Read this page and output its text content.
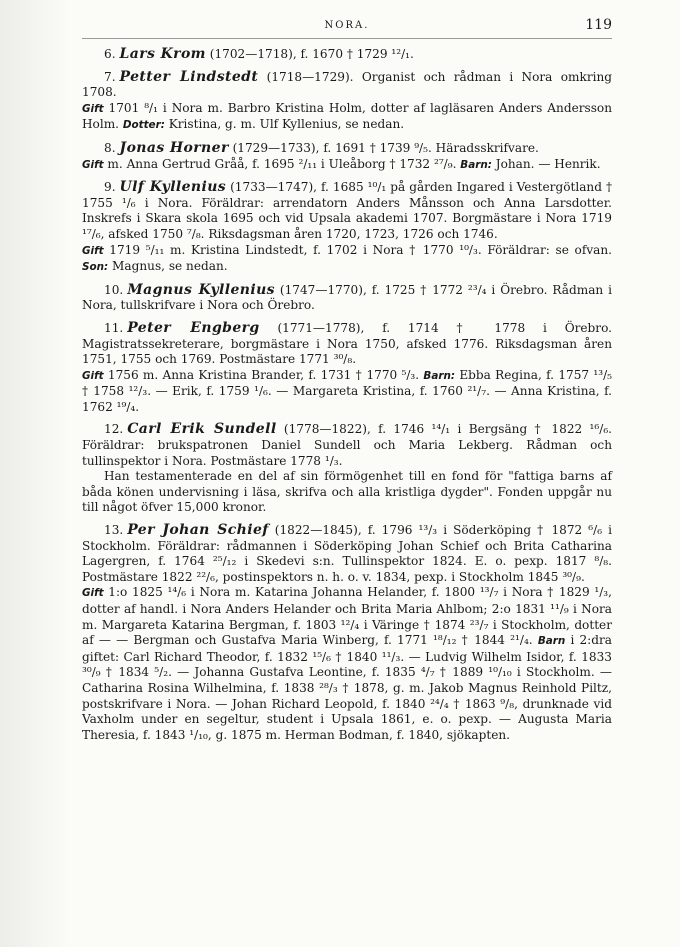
NORA.	119

6. Lars Krom (1702—1718), f. 1670 † 1729 ¹²/₁.

7. Petter Lindstedt (1718—1729). Organist och rådman i Nora omkring 1708.

Gift 1701 ⁸/₁ i Nora m. Barbro Kristina Holm, dotter af lagläsaren Anders Andersson Holm. Dotter: Kristina, g. m. Ulf Kyllenius, se nedan.

8. Jonas Horner (1729—1733), f. 1691 † 1739 ⁹/₅. Häradsskrifvare.

Gift m. Anna Gertrud Gråå, f. 1695 ²/₁₁ i Uleåborg † 1732 ²⁷/₉. Barn: Johan. — Henrik.

9. Ulf Kyllenius (1733—1747), f. 1685 ¹⁰/₁ på gården Ingared i Vestergötland † 1755 ¹/₆ i Nora. Föräldrar: arrendatorn Anders Månsson och Anna Larsdotter. Inskrefs i Skara skola 1695 och vid Upsala akademi 1707. Borgmästare i Nora 1719 ¹⁷/₆, afsked 1750 ⁷/₈. Riksdagsman åren 1720, 1723, 1726 och 1746.

Gift 1719 ⁵/₁₁ m. Kristina Lindstedt, f. 1702 i Nora † 1770 ¹⁰/₃. Föräldrar: se ofvan. Son: Magnus, se nedan.

10. Magnus Kyllenius (1747—1770), f. 1725 † 1772 ²³/₄ i Örebro. Rådman i Nora, tullskrifvare i Nora och Örebro.

11. Peter Engberg (1771—1778), f. 1714 † 1778 i Örebro. Magistratssekreterare, borgmästare i Nora 1750, afsked 1776. Riksdagsman åren 1751, 1755 och 1769. Postmästare 1771 ³⁰/₈.

Gift 1756 m. Anna Kristina Brander, f. 1731 † 1770 ⁵/₃. Barn: Ebba Regina, f. 1757 ¹³/₅ † 1758 ¹²/₃. — Erik, f. 1759 ¹/₆. — Margareta Kristina, f. 1760 ²¹/₇. — Anna Kristina, f. 1762 ¹⁹/₄.

12. Carl Erik Sundell (1778—1822), f. 1746 ¹⁴/₁ i Bergsäng † 1822 ¹⁶/₆. Föräldrar: brukspatronen Daniel Sundell och Maria Lekberg. Rådman och tullinspektor i Nora. Postmästare 1778 ¹/₃.

Han testamenterade en del af sin förmögenhet till en fond för "fattiga barns af båda könen undervisning i läsa, skrifva och alla kristliga dygder". Fonden uppgår nu till något öfver 15,000 kronor.

13. Per Johan Schief (1822—1845), f. 1796 ¹³/₃ i Söderköping † 1872 ⁶/₆ i Stockholm. Föräldrar: rådmannen i Söderköping Johan Schief och Brita Catharina Lagergren, f. 1764 ²⁵/₁₂ i Skedevi s:n. Tullinspektor 1824. E. o. pexp. 1817 ⁸/₈. Postmästare 1822 ²²/₆, postinspektors n. h. o. v. 1834, pexp. i Stockholm 1845 ³⁰/₉.

Gift 1:o 1825 ¹⁴/₆ i Nora m. Katarina Johanna Helander, f. 1800 ¹³/₇ i Nora † 1829 ¹/₃, dotter af handl. i Nora Anders Helander och Brita Maria Ahlbom; 2:o 1831 ¹¹/₉ i Nora m. Margareta Katarina Bergman, f. 1803 ¹²/₄ i Väringe † 1874 ²³/₇ i Stockholm, dotter af — — Bergman och Gustafva Maria Winberg, f. 1771 ¹⁸/₁₂ † 1844 ²¹/₄. Barn i 2:dra giftet: Carl Richard Theodor, f. 1832 ¹⁵/₆ † 1840 ¹¹/₃. — Ludvig Wilhelm Isidor, f. 1833 ³⁰/₉ † 1834 ⁵/₂. — Johanna Gustafva Leontine, f. 1835 ⁴/₇ † 1889 ¹⁰/₁₀ i Stockholm. — Catharina Rosina Wilhelmina, f. 1838 ²⁸/₃ † 1878, g. m. Jakob Magnus Reinhold Piltz, postskrifvare i Nora. — Johan Richard Leopold, f. 1840 ²⁴/₄ † 1863 ⁹/₈, drunknade vid Vaxholm under en segeltur, student i Upsala 1861, e. o. pexp. — Augusta Maria Theresia, f. 1843 ¹/₁₀, g. 1875 m. Herman Bodman, f. 1840, sjökapten.
